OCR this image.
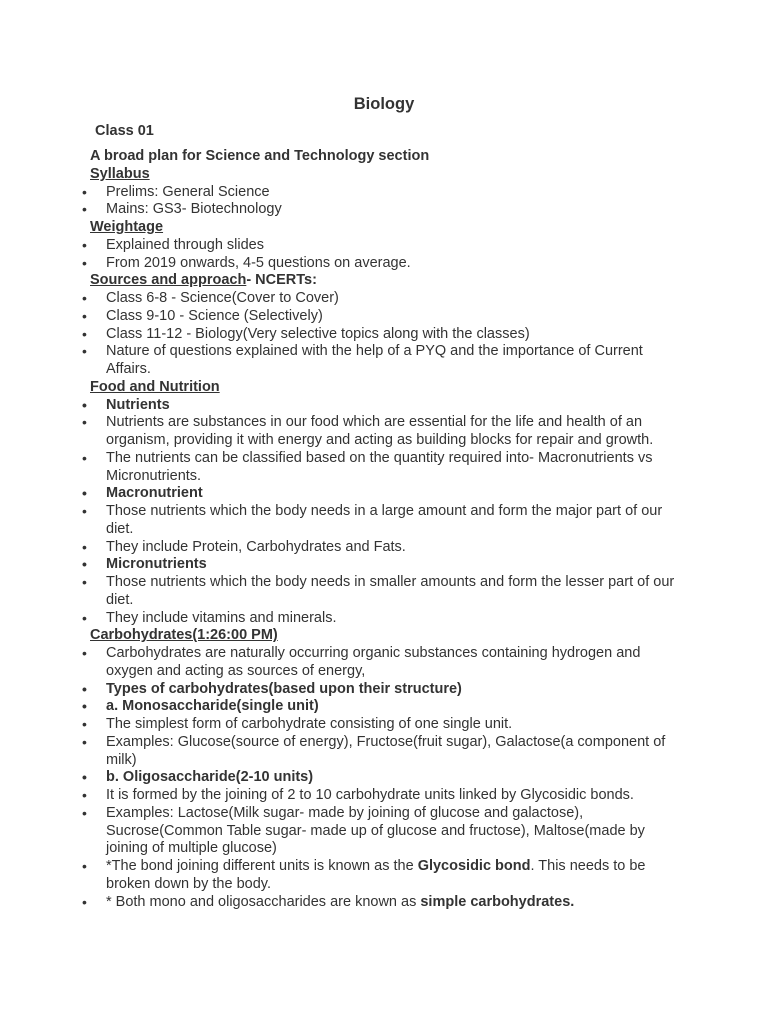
Biology
Class 01
A broad plan for Science and Technology section
Syllabus
• Prelims: General Science
• Mains: GS3- Biotechnology
Weightage
• Explained through slides
• From 2019 onwards, 4-5 questions on average.
Sources and approach- NCERTs:
• Class 6-8 - Science(Cover to Cover)
• Class 9-10 - Science (Selectively)
• Class 11-12 - Biology(Very selective topics along with the classes)
• Nature of questions explained with the help of a PYQ and the importance of Current Affairs.
Food and Nutrition
• Nutrients
• Nutrients are substances in our food which are essential for the life and health of an organism, providing it with energy and acting as building blocks for repair and growth.
• The nutrients can be classified based on the quantity required into- Macronutrients vs Micronutrients.
• Macronutrient
• Those nutrients which the body needs in a large amount and form the major part of our diet.
• They include Protein, Carbohydrates and Fats.
• Micronutrients
• Those nutrients which the body needs in smaller amounts and form the lesser part of our diet.
• They include vitamins and minerals.
Carbohydrates(1:26:00 PM)
• Carbohydrates are naturally occurring organic substances containing hydrogen and oxygen and acting as sources of energy,
• Types of carbohydrates(based upon their structure)
• a. Monosaccharide(single unit)
• The simplest form of carbohydrate consisting of one single unit.
• Examples: Glucose(source of energy), Fructose(fruit sugar), Galactose(a component of milk)
• b. Oligosaccharide(2-10 units)
• It is formed by the joining of 2 to 10 carbohydrate units linked by Glycosidic bonds.
• Examples: Lactose(Milk sugar- made by joining of glucose and galactose), Sucrose(Common Table sugar- made up of glucose and fructose), Maltose(made by joining of multiple glucose)
• *The bond joining different units is known as the Glycosidic bond. This needs to be broken down by the body.
• * Both mono and oligosaccharides are known as simple carbohydrates.
